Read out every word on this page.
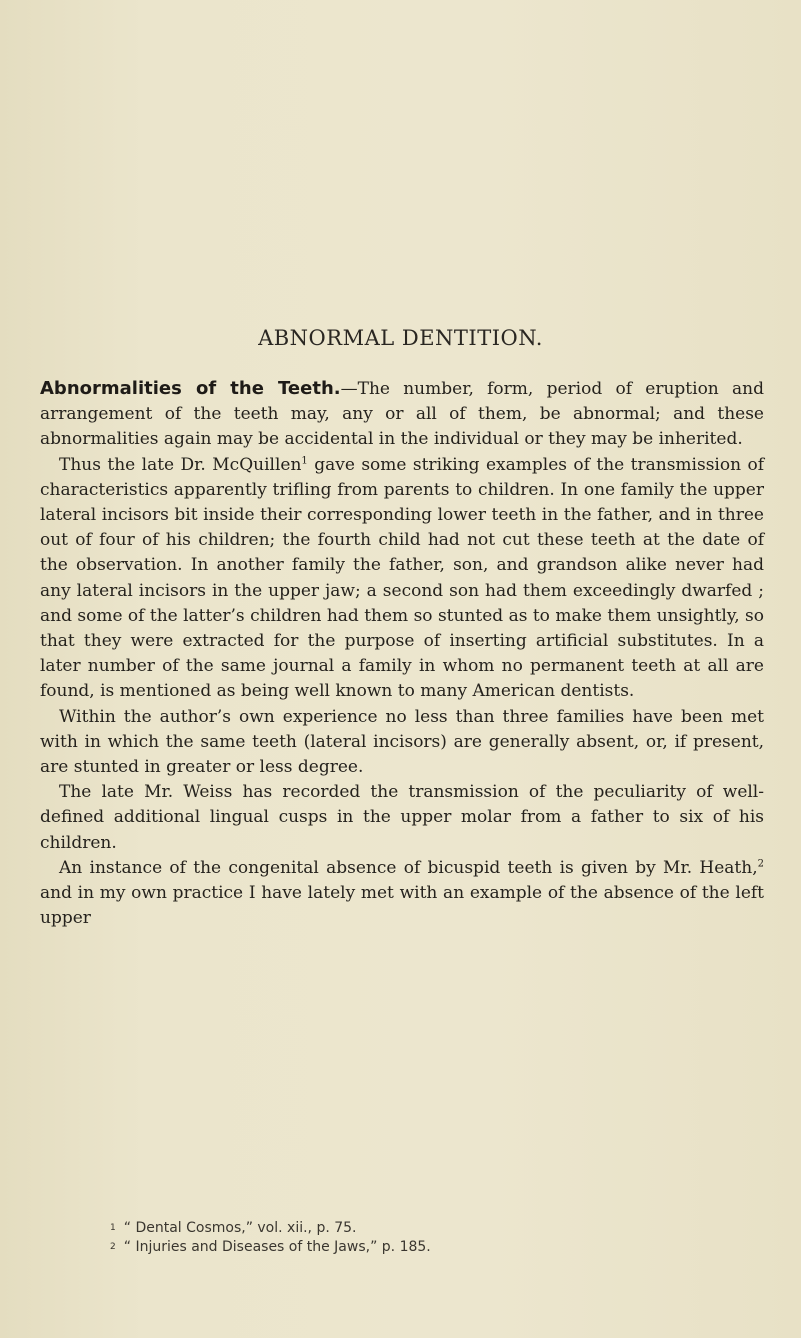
ABNORMAL DENTITION.

Abnormalities of the Teeth.—The number, form, period of eruption and arrangement of the teeth may, any or all of them, be abnormal; and these abnormalities again may be accidental in the individual or they may be inherited.

Thus the late Dr. McQuillen$^1$ gave some striking examples of the transmission of characteristics apparently trifling from parents to children. In one family the upper lateral incisors bit inside their corresponding lower teeth in the father, and in three out of four of his children; the fourth child had not cut these teeth at the date of the observation. In another family the father, son, and grandson alike never had any lateral incisors in the upper jaw; a second son had them exceedingly dwarfed ; and some of the latter’s children had them so stunted as to make them unsightly, so that they were extracted for the purpose of inserting artificial substitutes. In a later number of the same journal a family in whom no permanent teeth at all are found, is mentioned as being well known to many American dentists.

Within the author’s own experience no less than three families have been met with in which the same teeth (lateral incisors) are generally absent, or, if present, are stunted in greater or less degree.

The late Mr. Weiss has recorded the transmission of the peculiarity of well-defined additional lingual cusps in the upper molar from a father to six of his children.

An instance of the congenital absence of bicuspid teeth is given by Mr. Heath,$^2$ and in my own practice I have lately met with an example of the absence of the left upper

$^1$ “ Dental Cosmos,” vol. xii., p. 75.

$^2$ “ Injuries and Diseases of the Jaws,” p. 185.
